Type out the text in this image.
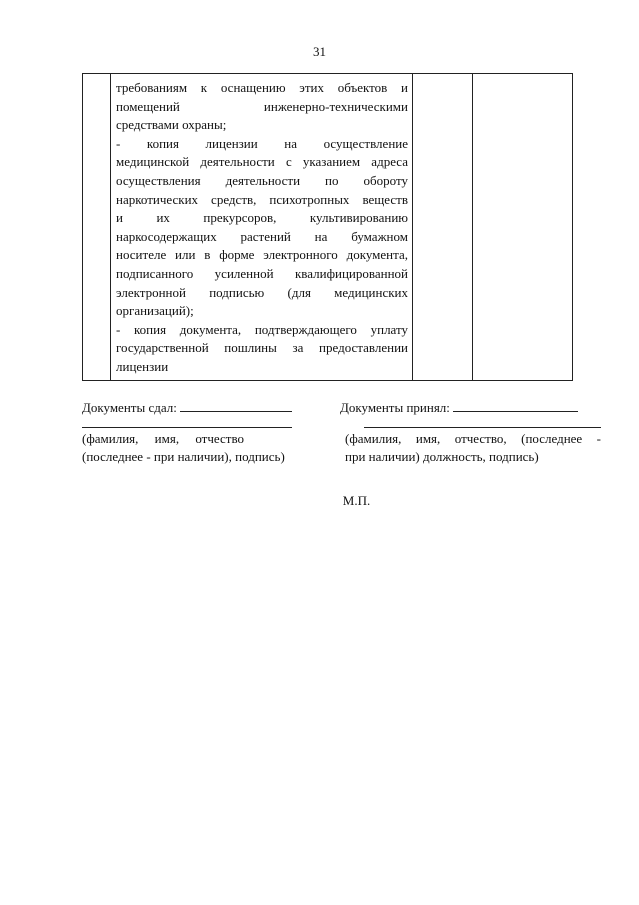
31

требованиям к оснащению этих объектов и
помещений инженерно-техническими
средствами охраны;
- копия лицензии на осуществление
медицинской деятельности с указанием адреса
осуществления деятельности по обороту
наркотических средств, психотропных веществ
и их прекурсоров, культивированию
наркосодержащих растений на бумажном
носителе или в форме электронного документа,
подписанного усиленной квалифицированной
электронной подписью (для медицинских
организаций);
- копия документа, подтверждающего уплату
государственной пошлины за предоставлении
лицензии

Документы сдал:
(фамилия, имя, отчество
(последнее - при наличии), подпись)
Документы принял:
(фамилия, имя, отчество, (последнее -
при наличии) должность, подпись)
М.П.
